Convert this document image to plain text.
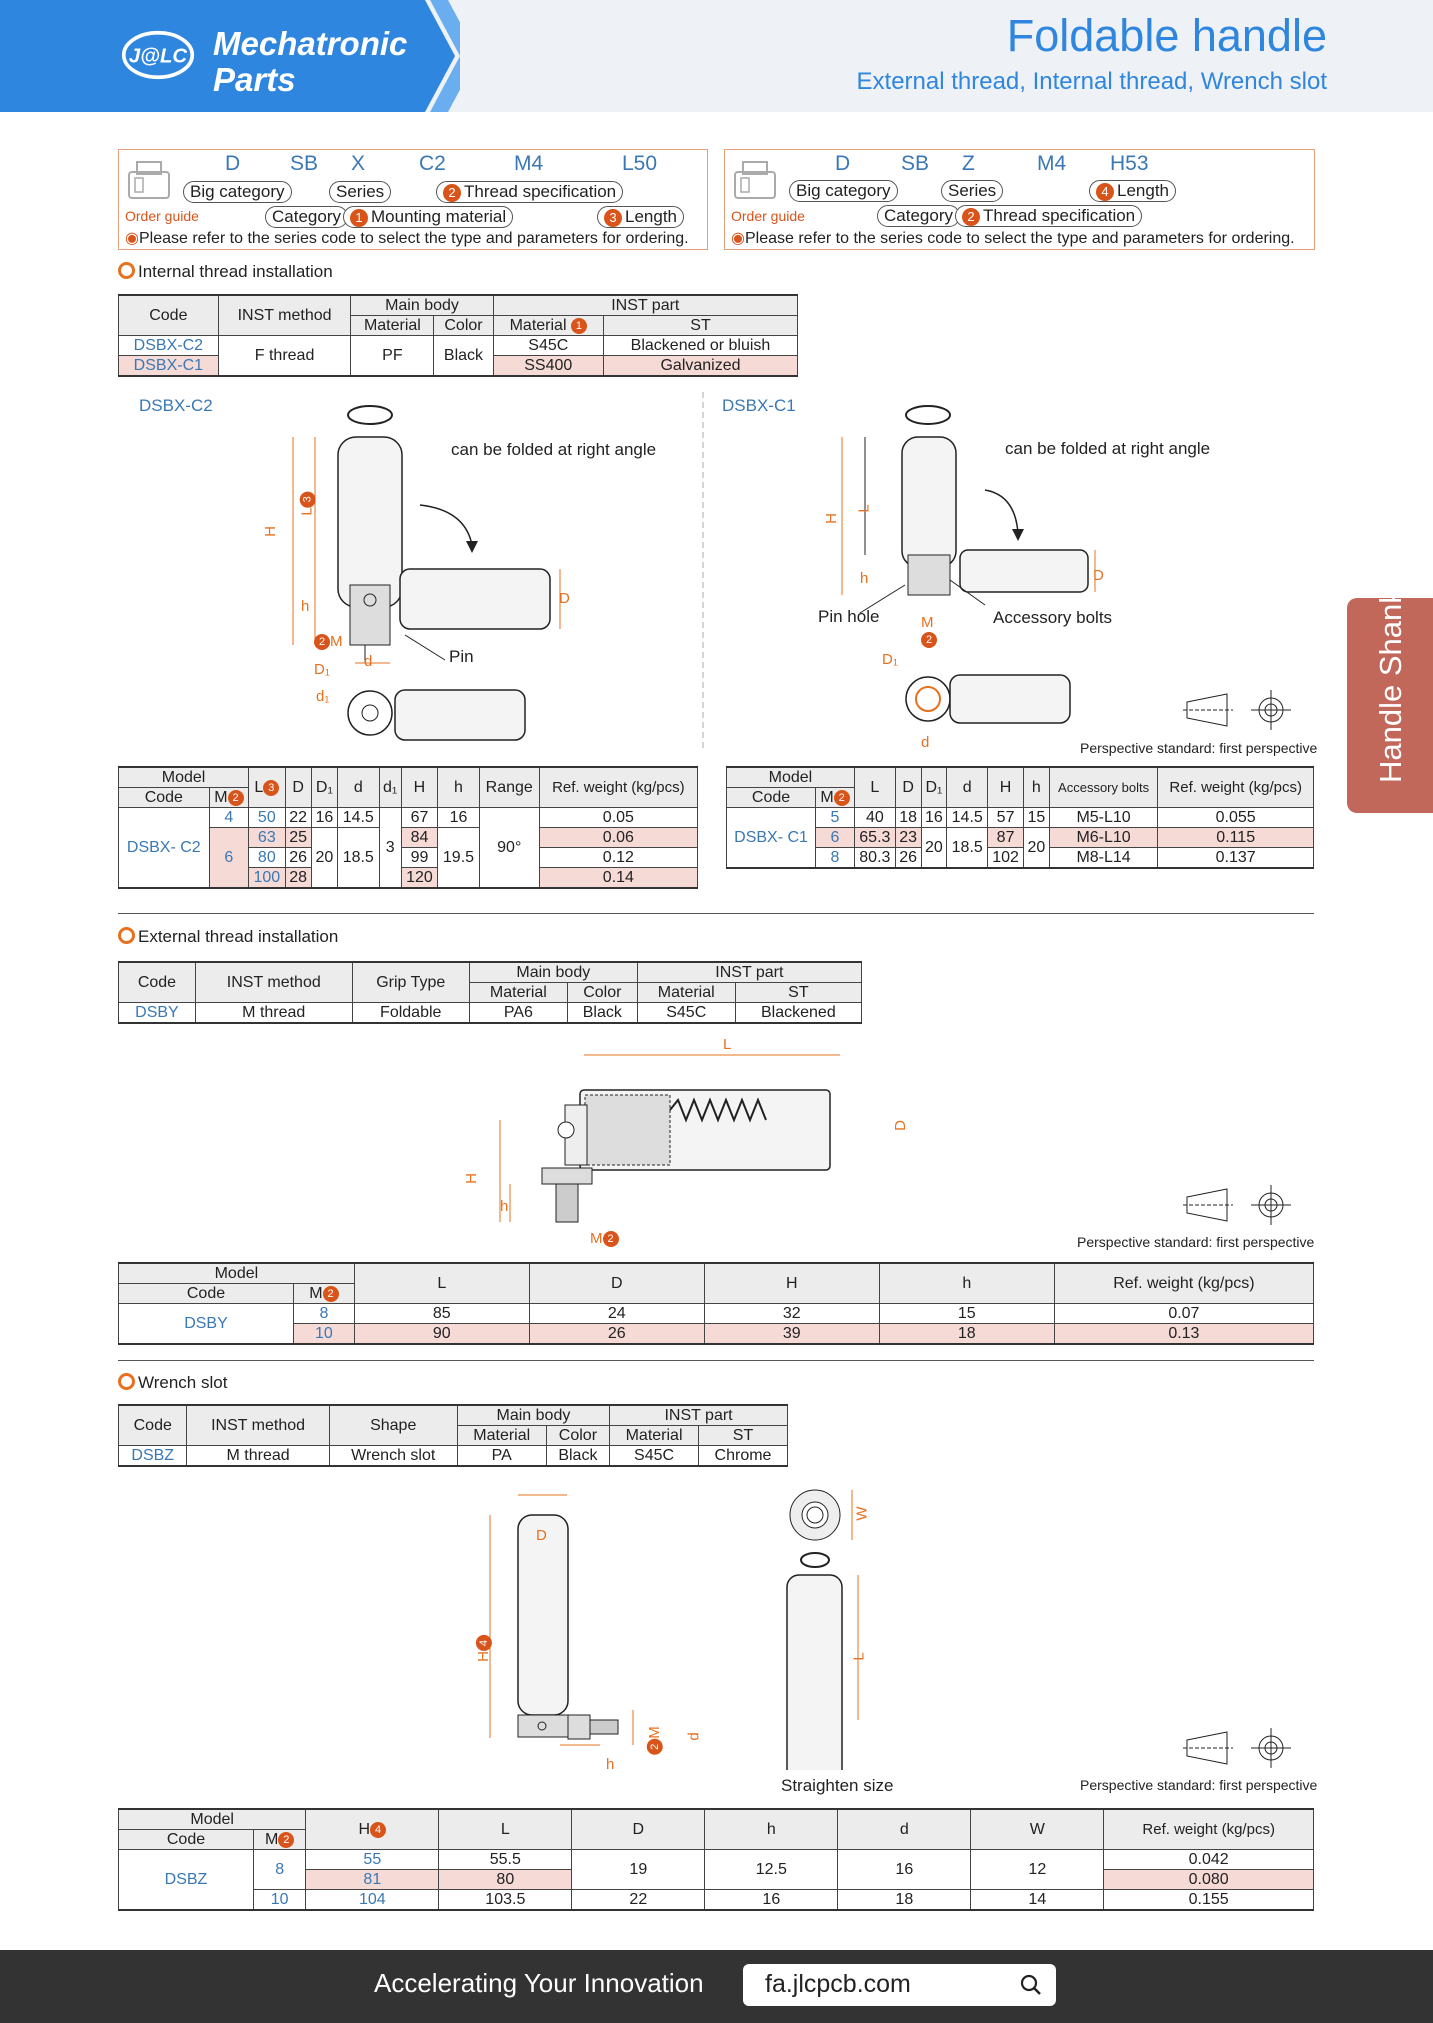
J@LC Mechatronic
Parts
Foldable handle
External thread, Internal thread, Wrench slot
D SB X	C2	M4	L50
Big category	Series	2 Thread specification
Category	1 Mounting material	3 Length
Order guide
◉Please refer to the series code to select the type and parameters for ordering.
D SB Z	M4 H53
Big category	Series	4 Length
Category	2 Thread specification
Order guide
◉Please refer to the series code to select the type and parameters for ordering.
Internal thread installation
Code	INST method	Main body		INST part	
		Material	Color	Material 1	ST
DSBX-C2	F thread	PF	Black	S45C	Blackened or bluish
DSBX-C1				SS400	Galvanized
DSBX-C2	DSBX-C1
can be folded at right angle	can be folded at right angle
H
L3
h	D
2 M
d	Pin
D₁
d₁
H
L
h	D
Pin hole	Accessory bolts
M
2
D₁
d	Perspective standard: first perspective
Model		L 3	D	D₁	d	d₁	H	h	Range	Ref. weight (kg/pcs)
Code	M 2									
DSBX- C2	4	50	22	16	14.5	3	67	16	90°	0.05
	6	63	25	20	18.5		84	19.5		0.06
		80	26				99			0.12
		100	28				120			0.14
Model		L	D	D₁	d	H	h	Accessory bolts	Ref. weight (kg/pcs)
Code	M 2								
DSBX- C1	5	40	18	16	14.5	57	15	M5-L10	0.055
	6	65.3	23	20	18.5	87	20	M6-L10	0.115
	8	80.3	26			102		M8-L14	0.137
External thread installation
Code	INST method	Grip Type	Main body		INST part	
			Material	Color	Material	ST
DSBY	M thread	Foldable	PA6	Black	S45C	Blackened
L
D
H
h
M 2	Perspective standard: first perspective
Model		L	D	H	h	Ref. weight (kg/pcs)
Code	M 2					
DSBY	8	85	24	32	15	0.07
	10	90	26	39	18	0.13
Wrench slot
Code	INST method	Shape	Main body		INST part	
			Material	Color	Material	ST
DSBZ	M thread	Wrench slot	PA	Black	S45C	Chrome
D
H4
2M d
h
W
L
Straighten size	Perspective standard: first perspective
Model		H 4	L	D	h	d	W	Ref. weight (kg/pcs)
Code	M 2							
DSBZ	8	55	55.5	19	12.5	16	12	0.042
		81	80					0.080
	10	104	103.5	22	16	18	14	0.155
Handle Shank
Accelerating Your Innovation fa.jlcpcb.com
